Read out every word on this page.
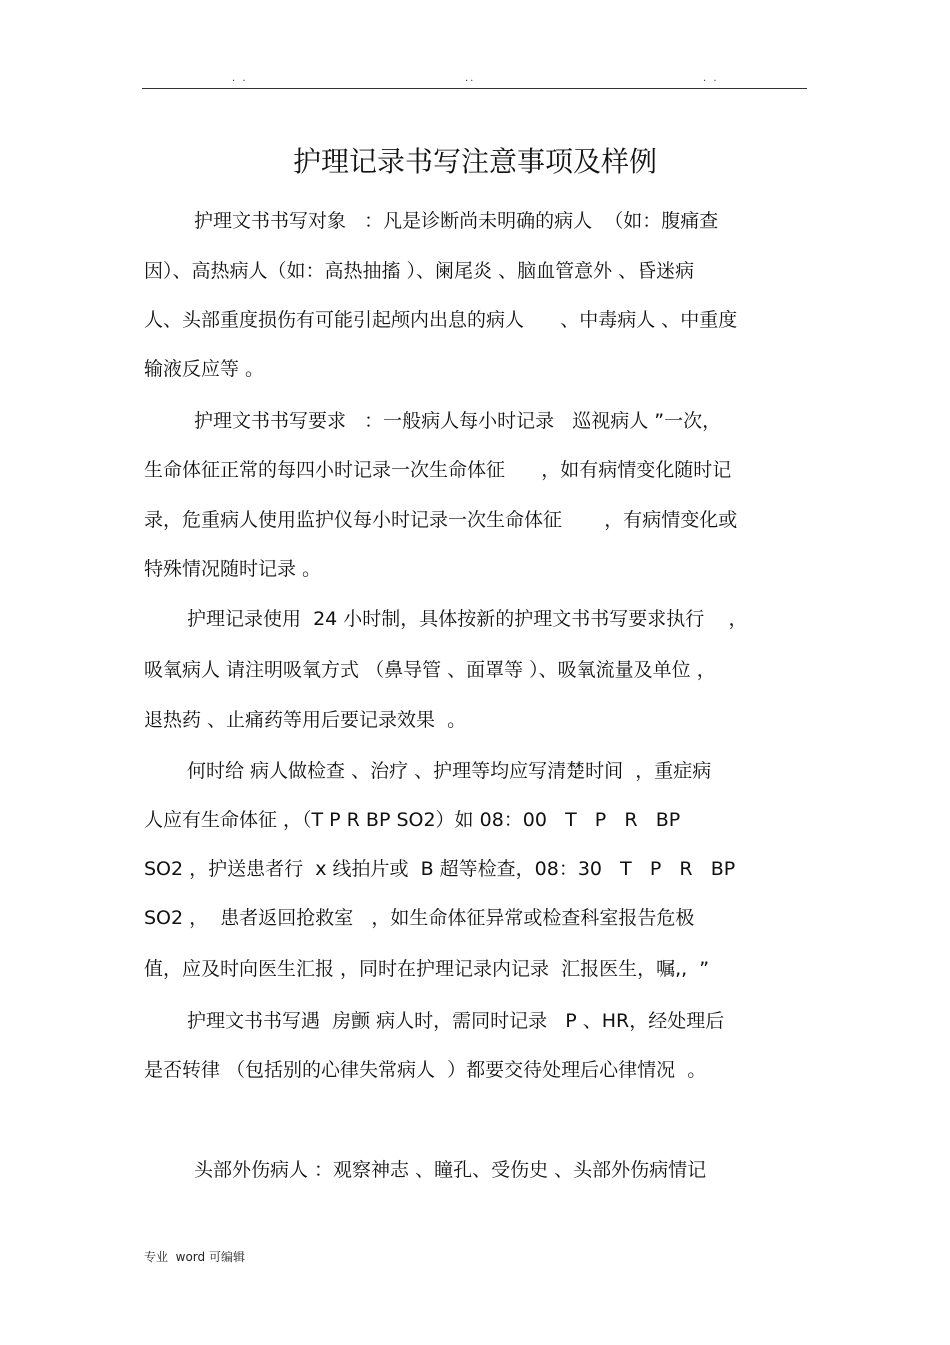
. .	..	. .
护理记录书写注意事项及样例
护理文书书写对象   ：凡是诊断尚未明确的病人  （如：腹痛查
因）、高热病人（如：高热抽搐 ）、阑尾炎 、脑血管意外 、昏迷病
人、头部重度损伤有可能引起颅内出息的病人      、中毒病人 、中重度
输液反应等 。
护理文书书写要求   ：一般病人每小时记录   巡视病人 ”一次，
生命体征正常的每四小时记录一次生命体征      ，如有病情变化随时记
录，危重病人使用监护仪每小时记录一次生命体征       ，有病情变化或
特殊情况随时记录 。
护理记录使用  24 小时制，具体按新的护理文书书写要求执行    ，
吸氧病人 请注明吸氧方式 （鼻导管 、面罩等 ）、吸氧流量及单位 ，
退热药 、止痛药等用后要记录效果  。
何时给 病人做检查 、治疗 、护理等均应写清楚时间  ，重症病
人应有生命体征 ，（T P R BP SO2）如 08：00   T   P   R   BP
SO2 ，护送患者行  x 线拍片或  B 超等检查，08：30   T   P   R   BP
SO2 ，  患者返回抢救室   ，如生命体征异常或检查科室报告危极
值，应及时向医生汇报 ，同时在护理记录内记录  汇报医生，嘱,,  ”
护理文书书写遇  房颤 病人时，需同时记录   P 、HR，经处理后
是否转律 （包括别的心律失常病人  ）都要交待处理后心律情况  。
头部外伤病人 ：观察神志 、瞳孔、受伤史 、头部外伤病情记
专业  word 可编辑
